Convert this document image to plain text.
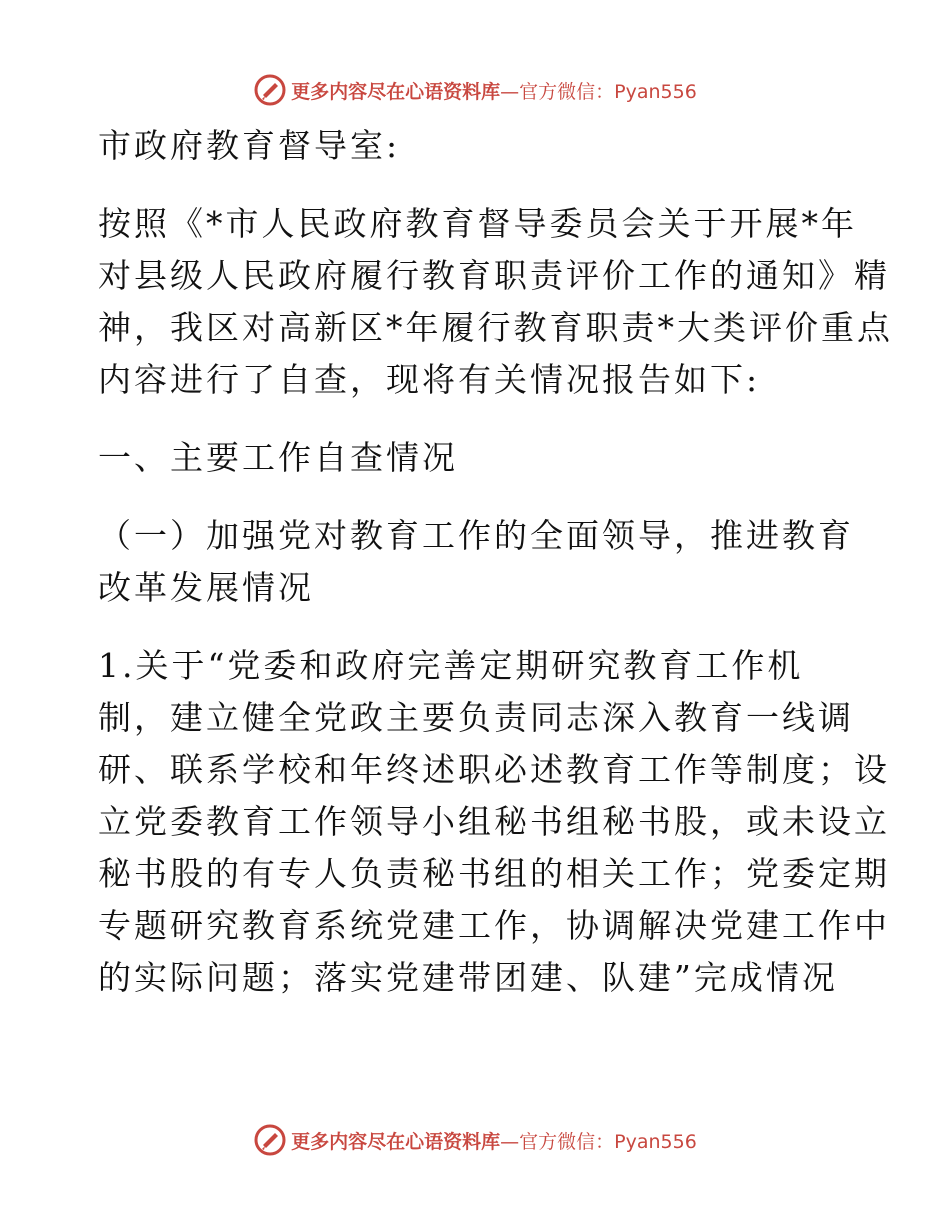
更多内容尽在心语资料库—官方微信：Pyan556
市政府教育督导室:
按照《*市人民政府教育督导委员会关于开展*年
对县级人民政府履行教育职责评价工作的通知》精
神，我区对高新区*年履行教育职责*大类评价重点
内容进行了自查，现将有关情况报告如下:
一、主要工作自查情况
（一）加强党对教育工作的全面领导，推进教育
改革发展情况
1.关于“党委和政府完善定期研究教育工作机
制，建立健全党政主要负责同志深入教育一线调
研、联系学校和年终述职必述教育工作等制度；设
立党委教育工作领导小组秘书组秘书股，或未设立
秘书股的有专人负责秘书组的相关工作；党委定期
专题研究教育系统党建工作，协调解决党建工作中
的实际问题；落实党建带团建、队建”完成情况
更多内容尽在心语资料库—官方微信：Pyan556
